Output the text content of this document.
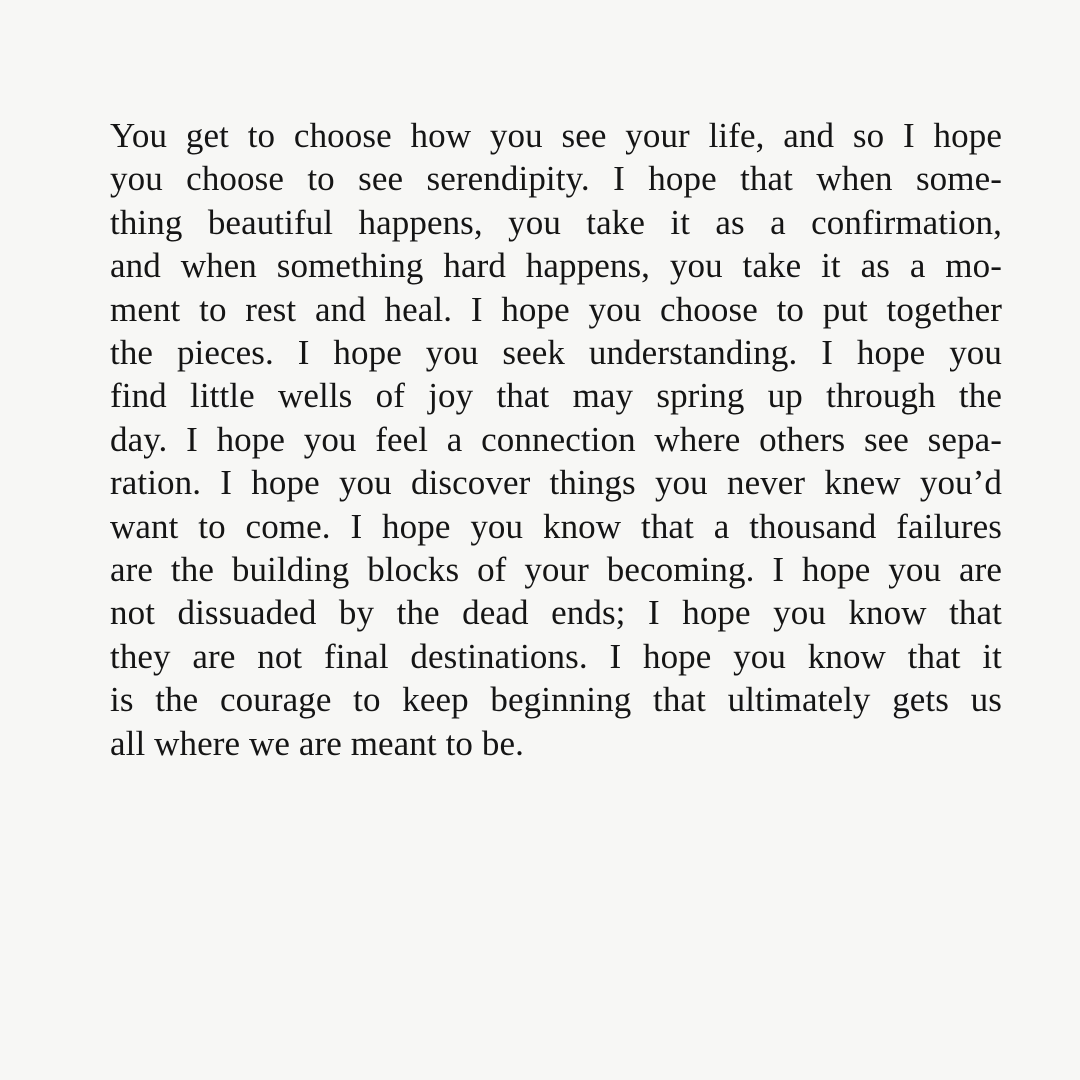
You get to choose how you see your life, and so I hope
you choose to see serendipity. I hope that when some-
thing beautiful happens, you take it as a confirmation,
and when something hard happens, you take it as a mo-
ment to rest and heal. I hope you choose to put together
the pieces. I hope you seek understanding. I hope you
find little wells of joy that may spring up through the
day. I hope you feel a connection where others see sepa-
ration. I hope you discover things you never knew you’d
want to come. I hope you know that a thousand failures
are the building blocks of your becoming. I hope you are
not dissuaded by the dead ends; I hope you know that
they are not final destinations. I hope you know that it
is the courage to keep beginning that ultimately gets us
all where we are meant to be.
